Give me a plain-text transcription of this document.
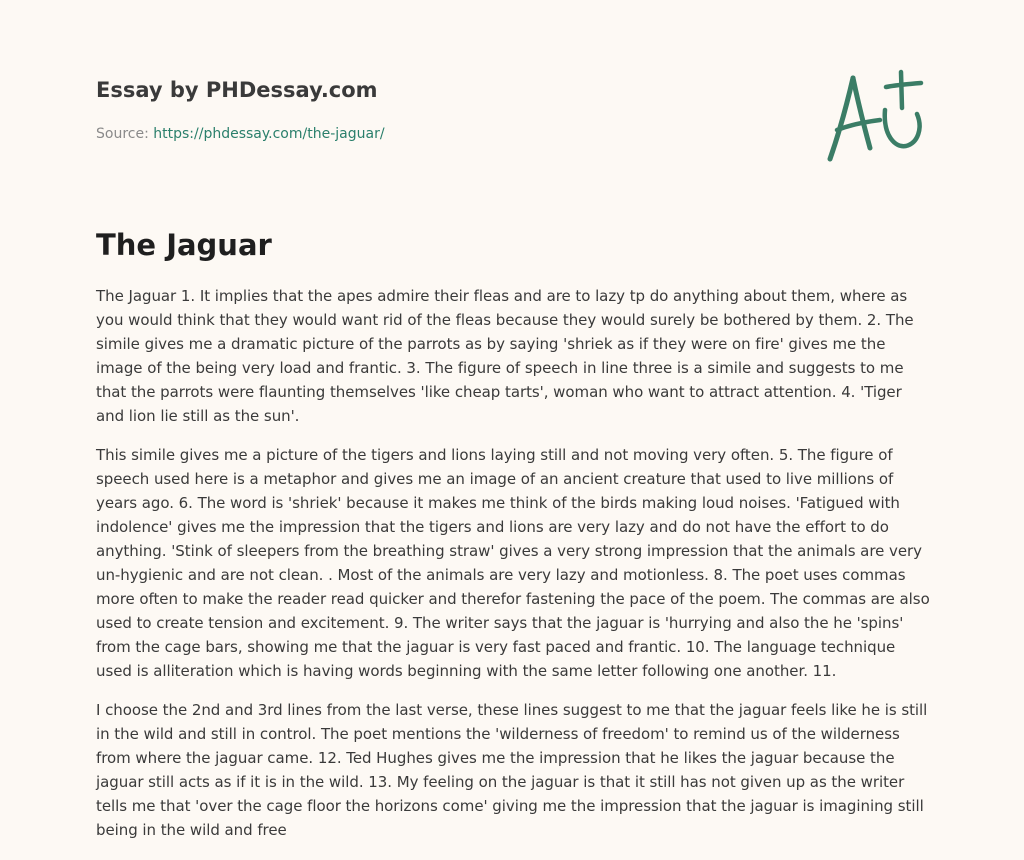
Essay by PHDessay.com
Source: https://phdessay.com/the-jaguar/
The Jaguar

The Jaguar 1. It implies that the apes admire their fleas and are to lazy tp do anything about them, where as you would think that they would want rid of the fleas because they would surely be bothered by them. 2. The simile gives me a dramatic picture of the parrots as by saying 'shriek as if they were on fire' gives me the image of the being very load and frantic. 3. The figure of speech in line three is a simile and suggests to me that the parrots were flaunting themselves 'like cheap tarts', woman who want to attract attention. 4. 'Tiger and lion lie still as the sun'.

This simile gives me a picture of the tigers and lions laying still and not moving very often. 5. The figure of speech used here is a metaphor and gives me an image of an ancient creature that used to live millions of years ago. 6. The word is 'shriek' because it makes me think of the birds making loud noises. 'Fatigued with indolence' gives me the impression that the tigers and lions are very lazy and do not have the effort to do anything. 'Stink of sleepers from the breathing straw' gives a very strong impression that the animals are very un-hygienic and are not clean. . Most of the animals are very lazy and motionless. 8. The poet uses commas more often to make the reader read quicker and therefor fastening the pace of the poem. The commas are also used to create tension and excitement. 9. The writer says that the jaguar is 'hurrying and also the he 'spins' from the cage bars, showing me that the jaguar is very fast paced and frantic. 10. The language technique used is alliteration which is having words beginning with the same letter following one another. 11.

I choose the 2nd and 3rd lines from the last verse, these lines suggest to me that the jaguar feels like he is still in the wild and still in control. The poet mentions the 'wilderness of freedom' to remind us of the wilderness from where the jaguar came. 12. Ted Hughes gives me the impression that he likes the jaguar because the jaguar still acts as if it is in the wild. 13. My feeling on the jaguar is that it still has not given up as the writer tells me that 'over the cage floor the horizons come' giving me the impression that the jaguar is imagining still being in the wild and free
